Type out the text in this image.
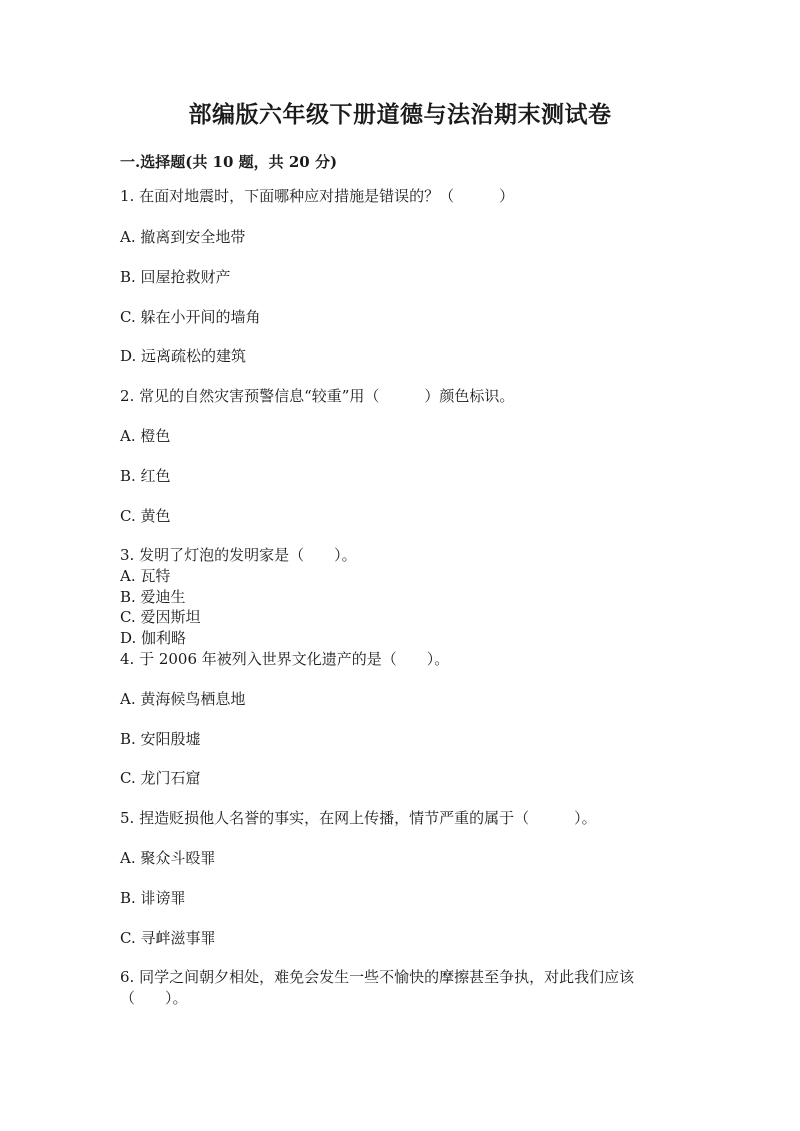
部编版六年级下册道德与法治期末测试卷
一.选择题(共 10 题，共 20 分)
1. 在面对地震时，下面哪种应对措施是错误的？（　　　）
A. 撤离到安全地带
B. 回屋抢救财产
C. 躲在小开间的墙角
D. 远离疏松的建筑
2. 常见的自然灾害预警信息“较重”用（　　　）颜色标识。
A. 橙色
B. 红色
C. 黄色
3. 发明了灯泡的发明家是（　　）。
A. 瓦特
B. 爱迪生
C. 爱因斯坦
D. 伽利略
4. 于 2006 年被列入世界文化遗产的是（　　）。
A. 黄海候鸟栖息地
B. 安阳殷墟
C. 龙门石窟
5. 捏造贬损他人名誉的事实，在网上传播，情节严重的属于（　　　）。
A. 聚众斗殴罪
B. 诽谤罪
C. 寻衅滋事罪
6. 同学之间朝夕相处，难免会发生一些不愉快的摩擦甚至争执，对此我们应该
（　　）。
